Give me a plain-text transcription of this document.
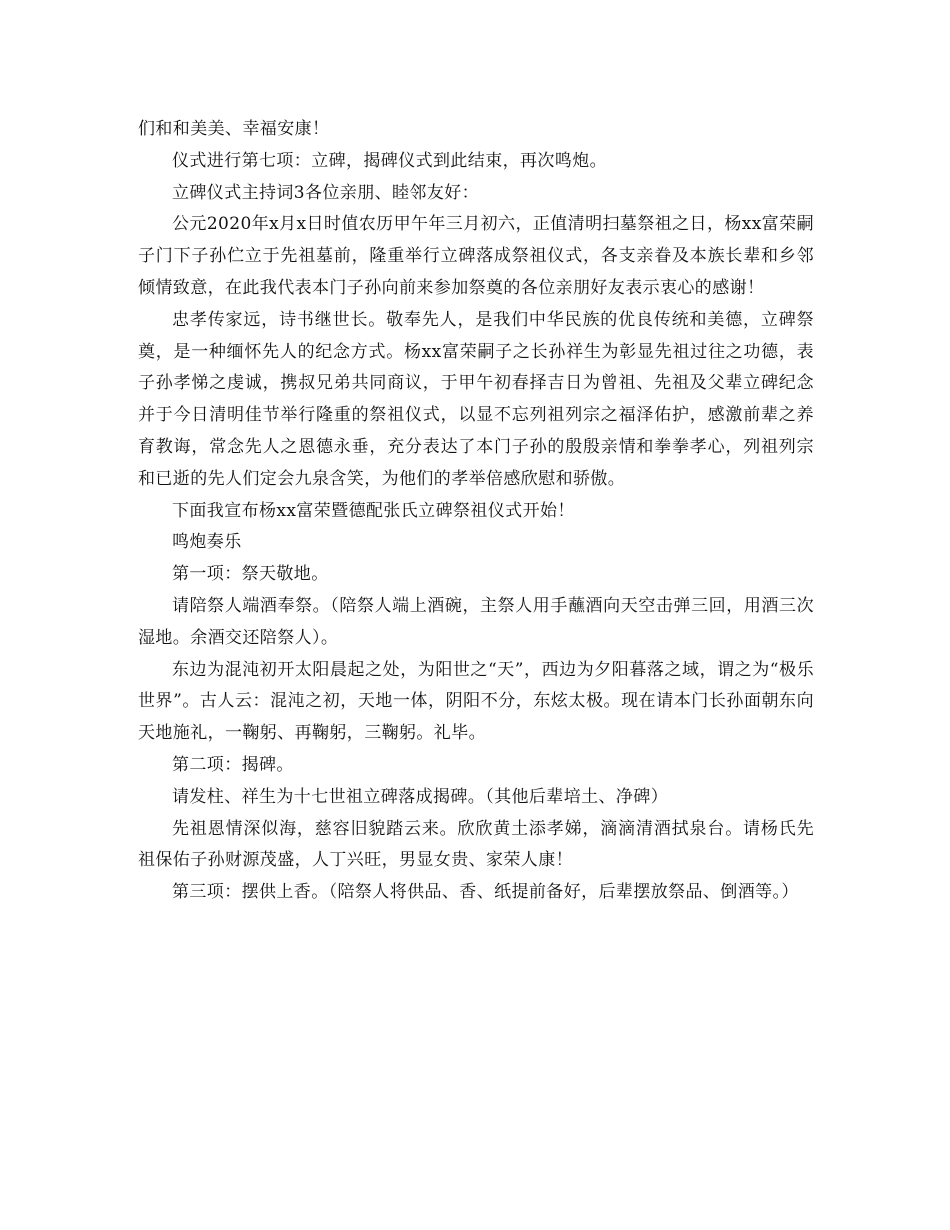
们和和美美、幸福安康！

仪式进行第七项：立碑，揭碑仪式到此结束，再次鸣炮。

立碑仪式主持词3各位亲朋、睦邻友好：

公元2020年x月x日时值农历甲午年三月初六，正值清明扫墓祭祖之日，杨xx富荣嗣子门下子孙伫立于先祖墓前，隆重举行立碑落成祭祖仪式，各支亲眷及本族长辈和乡邻倾情致意，在此我代表本门子孙向前来参加祭奠的各位亲朋好友表示衷心的感谢！

忠孝传家远，诗书继世长。敬奉先人，是我们中华民族的优良传统和美德，立碑祭奠，是一种缅怀先人的纪念方式。杨xx富荣嗣子之长孙祥生为彰显先祖过往之功德，表子孙孝悌之虔诚，携叔兄弟共同商议，于甲午初春择吉日为曾祖、先祖及父辈立碑纪念并于今日清明佳节举行隆重的祭祖仪式，以显不忘列祖列宗之福泽佑护，感激前辈之养育教诲，常念先人之恩德永垂，充分表达了本门子孙的殷殷亲情和拳拳孝心，列祖列宗和已逝的先人们定会九泉含笑，为他们的孝举倍感欣慰和骄傲。

下面我宣布杨xx富荣暨德配张氏立碑祭祖仪式开始！

鸣炮奏乐

第一项：祭天敬地。

请陪祭人端酒奉祭。（陪祭人端上酒碗，主祭人用手蘸酒向天空击弹三回，用酒三次湿地。余酒交还陪祭人）。

东边为混沌初开太阳晨起之处，为阳世之“天”，西边为夕阳暮落之域，谓之为“极乐世界”。古人云：混沌之初，天地一体，阴阳不分，东炫太极。现在请本门长孙面朝东向天地施礼，一鞠躬、再鞠躬，三鞠躬。礼毕。

第二项：揭碑。

请发柱、祥生为十七世祖立碑落成揭碑。（其他后辈培土、净碑）

先祖恩情深似海，慈容旧貌踏云来。欣欣黄土添孝娣，滴滴清酒拭泉台。请杨氏先祖保佑子孙财源茂盛，人丁兴旺，男显女贵、家荣人康！

第三项：摆供上香。（陪祭人将供品、香、纸提前备好，后辈摆放祭品、倒酒等。）
